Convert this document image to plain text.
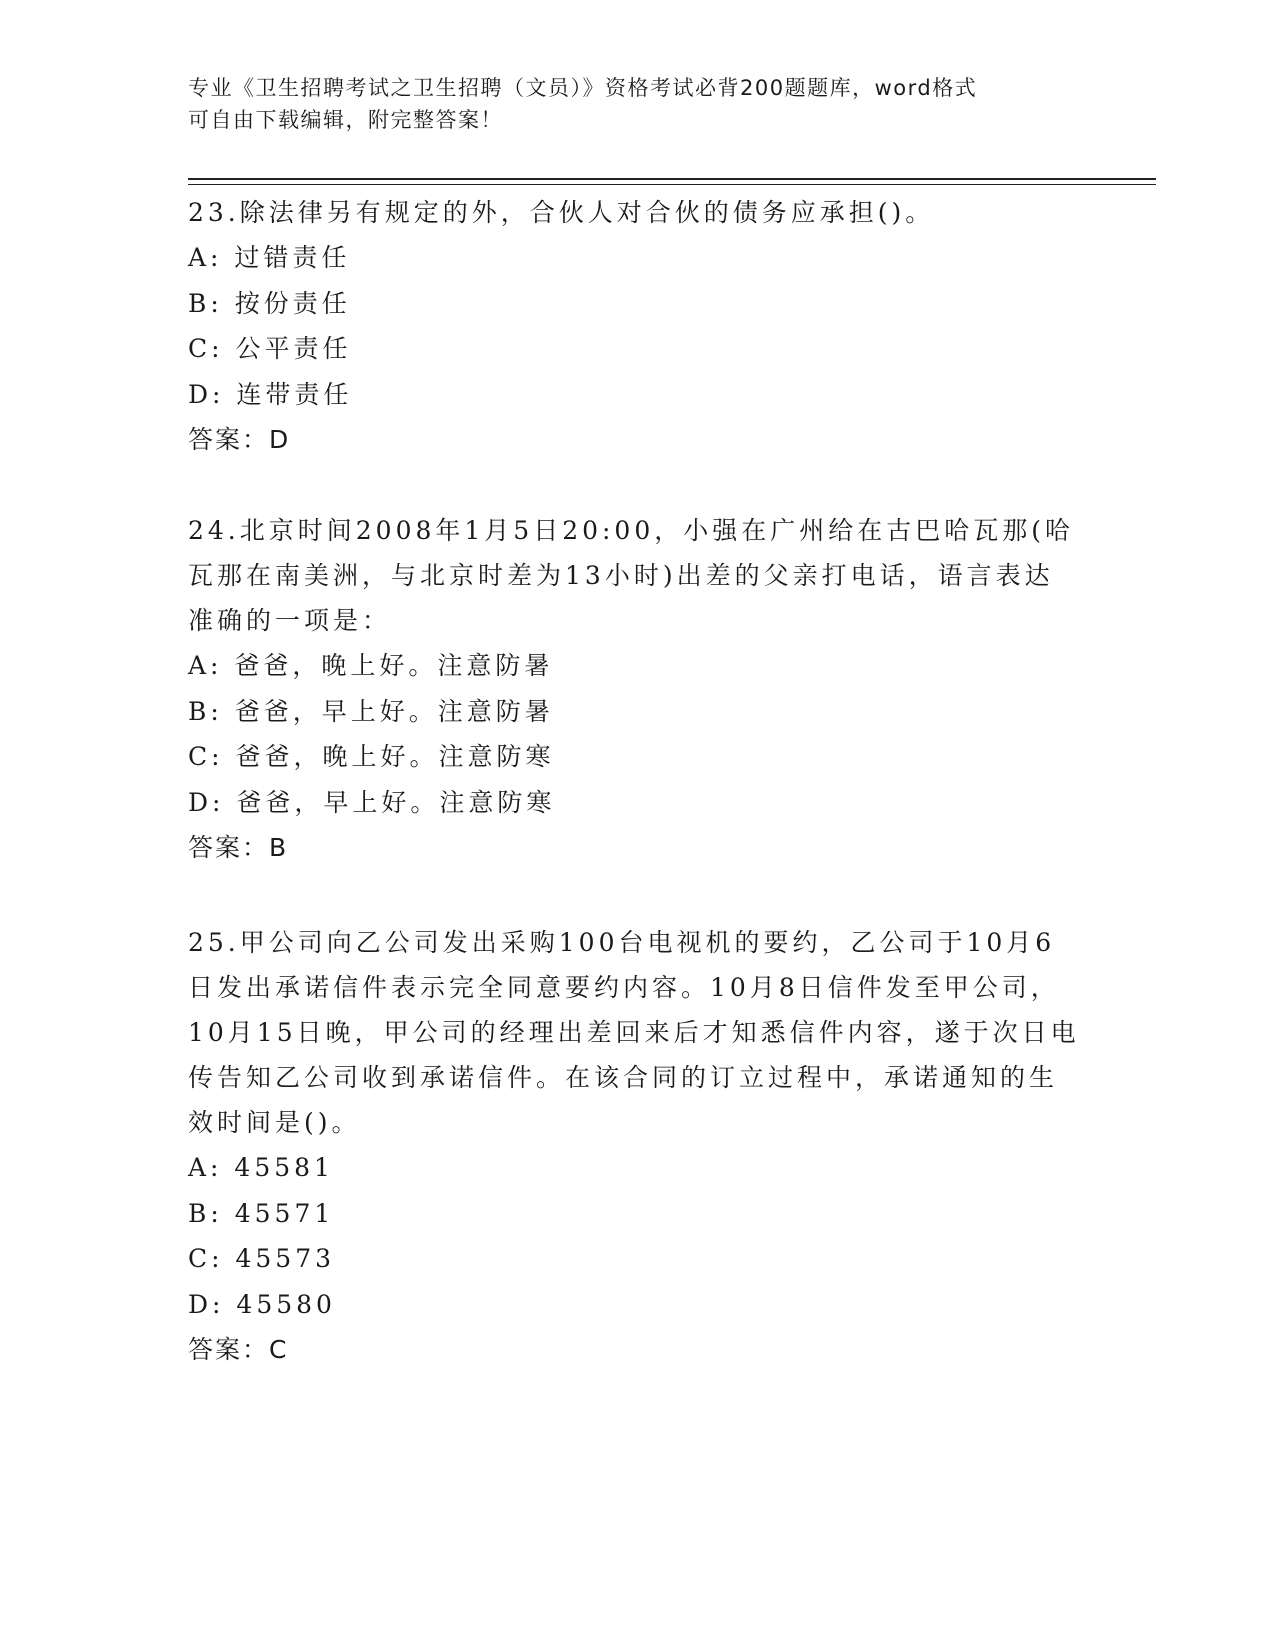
专业《卫生招聘考试之卫生招聘（文员）》资格考试必背200题题库，word格式
可自由下载编辑，附完整答案！
23.除法律另有规定的外，合伙人对合伙的债务应承担()。
A: 过错责任
B: 按份责任
C: 公平责任
D: 连带责任
答案：D
24.北京时间2008年1月5日20:00，小强在广州给在古巴哈瓦那(哈
瓦那在南美洲，与北京时差为13小时)出差的父亲打电话，语言表达
准确的一项是：
A: 爸爸，晚上好。注意防暑
B: 爸爸，早上好。注意防暑
C: 爸爸，晚上好。注意防寒
D: 爸爸，早上好。注意防寒
答案：B
25.甲公司向乙公司发出采购100台电视机的要约，乙公司于10月6
日发出承诺信件表示完全同意要约内容。10月8日信件发至甲公司，
10月15日晚，甲公司的经理出差回来后才知悉信件内容，遂于次日电
传告知乙公司收到承诺信件。在该合同的订立过程中，承诺通知的生
效时间是()。
A: 45581
B: 45571
C: 45573
D: 45580
答案：C
